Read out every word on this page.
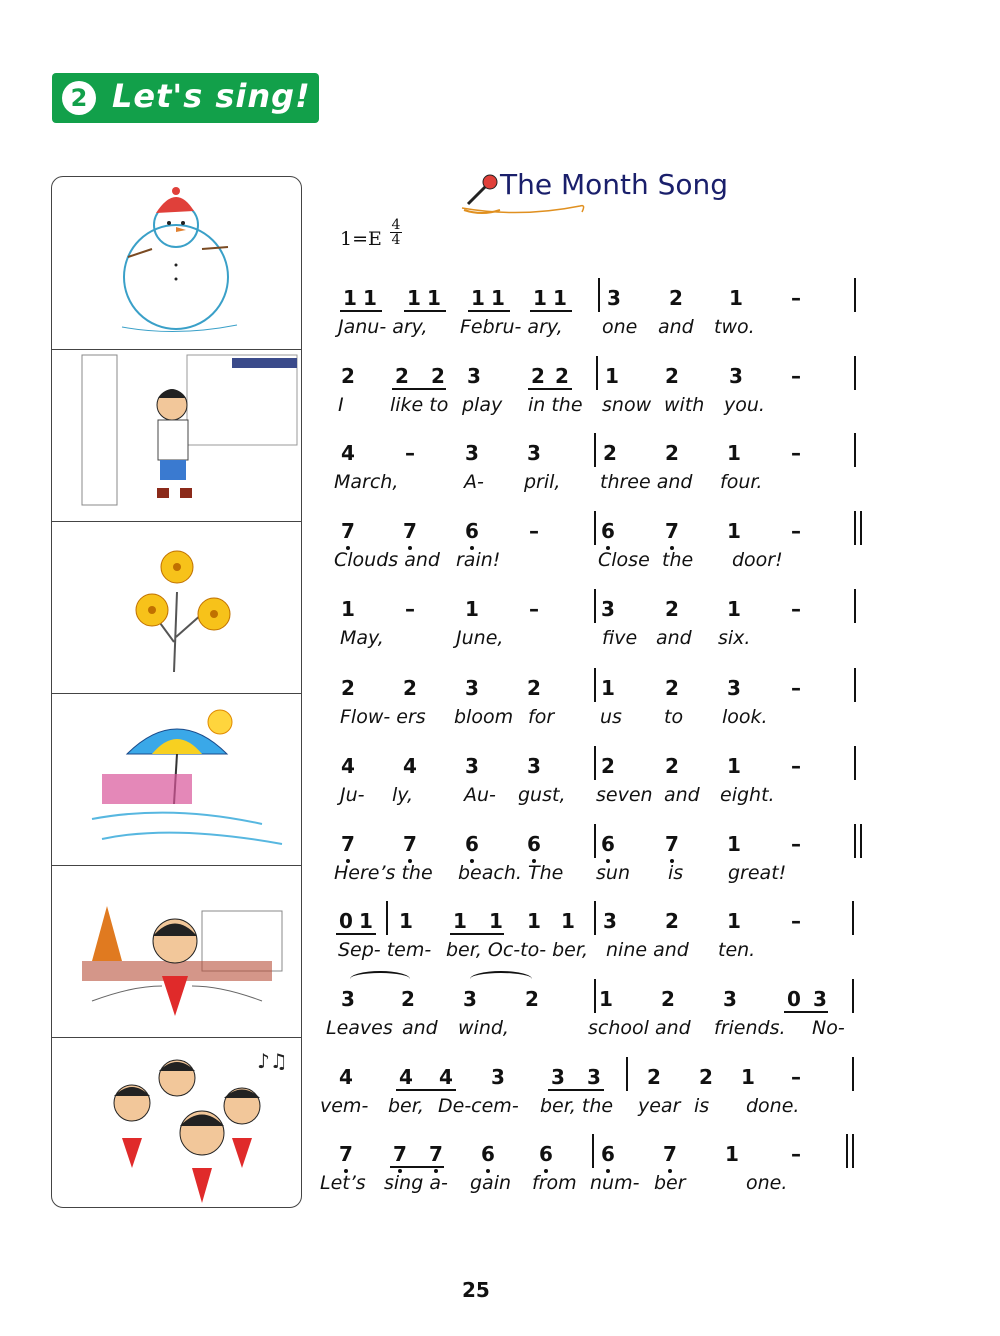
2 Let's sing!
♪♫
The Month Song
$1=E \frac{4}{4}$
1 1 1 1 1 1 1 1 3 2 1 –
Janu- ary, Febru- ary, one and two.
2 2 2 3	2 2 1 2	3 –
I like to play in the snow with you.
4	–	3 3	2 2 1	–
March,	A- pril, three and four.
7 7 6	–	6	7 1	–
Clouds and rain!	Close the door!
1	–	1	–	3	2 1	–
May,	June,	five and six.
2 2 3 2	1	2 3	–
Flow- ers bloom for us to look.
4 4 3 3	2	2 1	–
Ju- ly,	Au- gust, seven and eight.
7 7 6 6	6	7 1	–
Here’s the beach. The sun is great!
0 1 1 1 1 1 1 3 2 1	–
Sep- tem- ber, Oc-to- ber, nine and ten.
3 2 3 2	1 2 3	0 3
Leaves and wind,	school and friends. No-
4 4 4 3 3 3 2 2 1 –
vem- ber, De-cem- ber, the year is done.
7 7 7 6 6 6 7 1	–
Let’s sing a- gain from num- ber	one.
25
